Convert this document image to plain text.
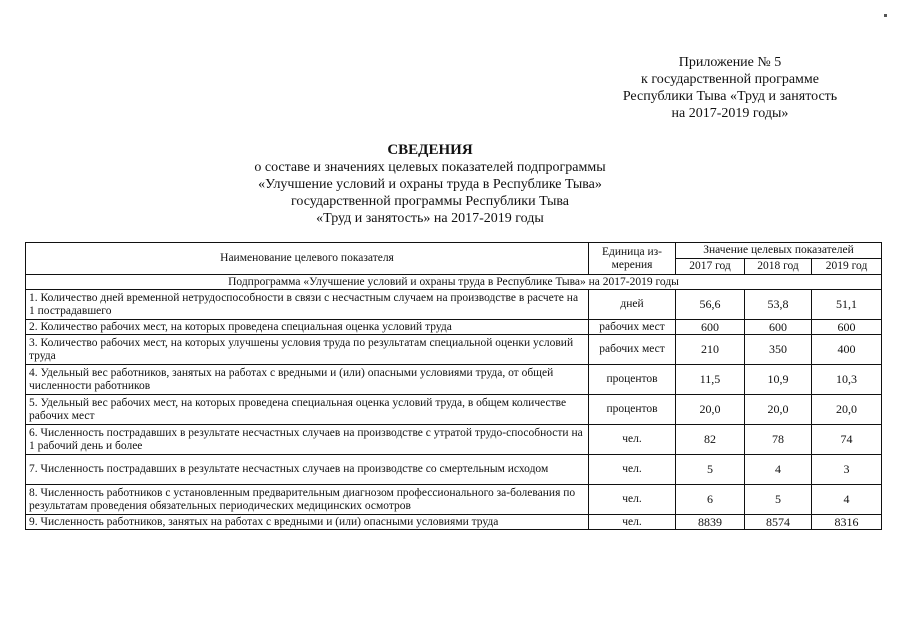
Приложение № 5
к государственной программе
Республики Тыва «Труд и занятость
на 2017-2019 годы»
СВЕДЕНИЯ
о составе и значениях целевых показателей подпрограммы
«Улучшение условий и охраны труда в Республике Тыва»
государственной программы Республики Тыва
«Труд и занятость» на 2017-2019 годы
Наименование целевого показателя	Единица из-
мерения	Значение целевых показателей		
		2017 год	2018 год	2019 год
Подпрограмма «Улучшение условий и охраны труда в Республике Тыва» на 2017-2019 годы				
1. Количество дней временной нетрудоспособности в связи с несчастным случаем на производстве в расчете на 1 пострадавшего	дней	56,6	53,8	51,1
2. Количество рабочих мест, на которых проведена специальная оценка условий труда	рабочих мест	600	600	600
3. Количество рабочих мест, на которых улучшены условия труда по результатам специальной оценки условий труда	рабочих мест	210	350	400
4. Удельный вес работников, занятых на работах с вредными и (или) опасными условиями труда, от общей численности работников	процентов	11,5	10,9	10,3
5. Удельный вес рабочих мест, на которых проведена специальная оценка условий труда, в общем количестве рабочих мест	процентов	20,0	20,0	20,0
6. Численность пострадавших в результате несчастных случаев на производстве с утратой трудо-способности на 1 рабочий день и более	чел.	82	78	74
7. Численность пострадавших в результате несчастных случаев на производстве со смертельным исходом	чел.	5	4	3
8. Численность работников с установленным предварительным диагнозом профессионального за-болевания по результатам проведения обязательных периодических медицинских осмотров	чел.	6	5	4
9. Численность работников, занятых на работах с вредными и (или) опасными условиями труда	чел.	8839	8574	8316
